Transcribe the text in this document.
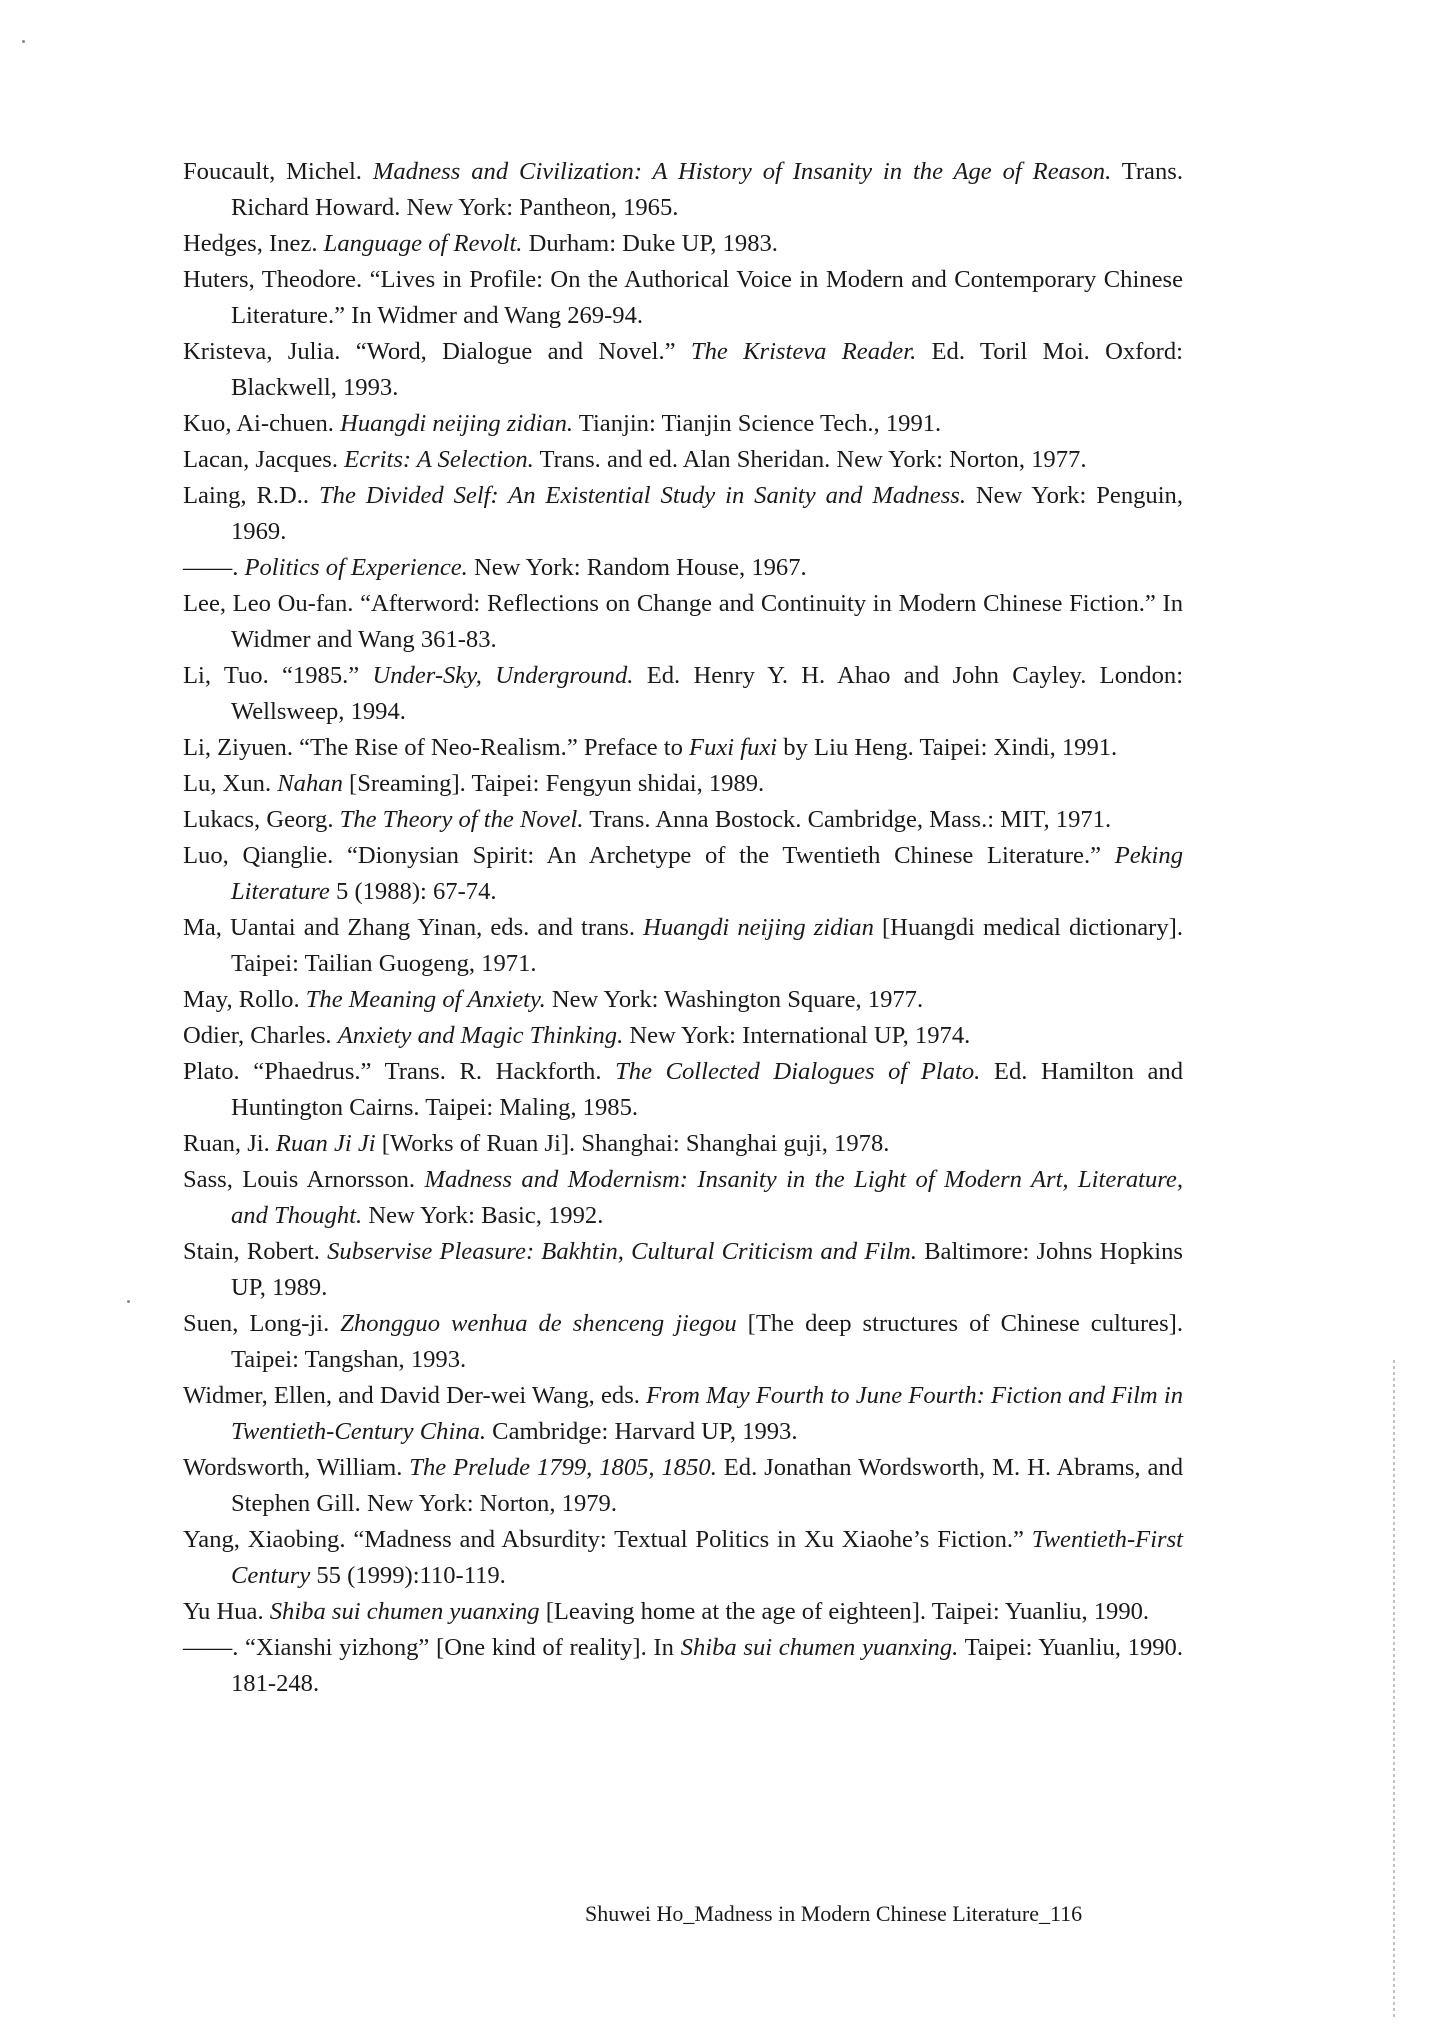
Foucault, Michel. Madness and Civilization: A History of Insanity in the Age of Reason. Trans. Richard Howard. New York: Pantheon, 1965.
Hedges, Inez. Language of Revolt. Durham: Duke UP, 1983.
Huters, Theodore. “Lives in Profile: On the Authorical Voice in Modern and Contemporary Chinese Literature.” In Widmer and Wang 269-94.
Kristeva, Julia. “Word, Dialogue and Novel.” The Kristeva Reader. Ed. Toril Moi. Oxford: Blackwell, 1993.
Kuo, Ai-chuen. Huangdi neijing zidian. Tianjin: Tianjin Science Tech., 1991.
Lacan, Jacques. Ecrits: A Selection. Trans. and ed. Alan Sheridan. New York: Norton, 1977.
Laing, R.D.. The Divided Self: An Existential Study in Sanity and Madness. New York: Penguin, 1969.
——. Politics of Experience. New York: Random House, 1967.
Lee, Leo Ou-fan. “Afterword: Reflections on Change and Continuity in Modern Chinese Fiction.” In Widmer and Wang 361-83.
Li, Tuo. “1985.” Under-Sky, Underground. Ed. Henry Y. H. Ahao and John Cayley. London: Wellsweep, 1994.
Li, Ziyuen. “The Rise of Neo-Realism.” Preface to Fuxi fuxi by Liu Heng. Taipei: Xindi, 1991.
Lu, Xun. Nahan [Sreaming]. Taipei: Fengyun shidai, 1989.
Lukacs, Georg. The Theory of the Novel. Trans. Anna Bostock. Cambridge, Mass.: MIT, 1971.
Luo, Qianglie. “Dionysian Spirit: An Archetype of the Twentieth Chinese Literature.” Peking Literature 5 (1988): 67-74.
Ma, Uantai and Zhang Yinan, eds. and trans. Huangdi neijing zidian [Huangdi medical dictionary]. Taipei: Tailian Guogeng, 1971.
May, Rollo. The Meaning of Anxiety. New York: Washington Square, 1977.
Odier, Charles. Anxiety and Magic Thinking. New York: International UP, 1974.
Plato. “Phaedrus.” Trans. R. Hackforth. The Collected Dialogues of Plato. Ed. Hamilton and Huntington Cairns. Taipei: Maling, 1985.
Ruan, Ji. Ruan Ji Ji [Works of Ruan Ji]. Shanghai: Shanghai guji, 1978.
Sass, Louis Arnorsson. Madness and Modernism: Insanity in the Light of Modern Art, Literature, and Thought. New York: Basic, 1992.
Stain, Robert. Subservise Pleasure: Bakhtin, Cultural Criticism and Film. Baltimore: Johns Hopkins UP, 1989.
Suen, Long-ji. Zhongguo wenhua de shenceng jiegou [The deep structures of Chinese cultures]. Taipei: Tangshan, 1993.
Widmer, Ellen, and David Der-wei Wang, eds. From May Fourth to June Fourth: Fiction and Film in Twentieth-Century China. Cambridge: Harvard UP, 1993.
Wordsworth, William. The Prelude 1799, 1805, 1850. Ed. Jonathan Wordsworth, M. H. Abrams, and Stephen Gill. New York: Norton, 1979.
Yang, Xiaobing. “Madness and Absurdity: Textual Politics in Xu Xiaohe’s Fiction.” Twentieth-First Century 55 (1999):110-119.
Yu Hua. Shiba sui chumen yuanxing [Leaving home at the age of eighteen]. Taipei: Yuanliu, 1990.
——. “Xianshi yizhong” [One kind of reality]. In Shiba sui chumen yuanxing. Taipei: Yuanliu, 1990. 181-248.
Shuwei Ho_Madness in Modern Chinese Literature_116
